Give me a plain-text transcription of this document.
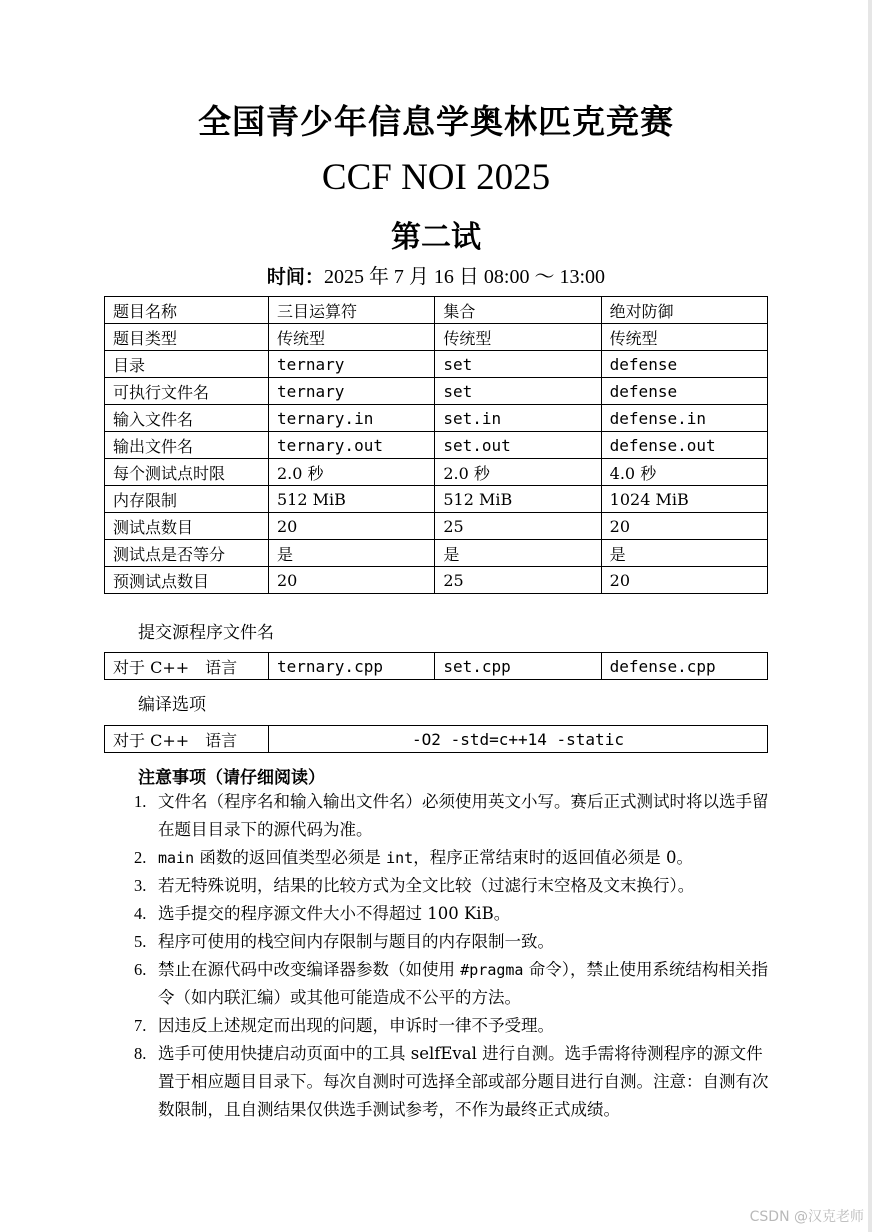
全国青少年信息学奥林匹克竞赛
CCF NOI 2025
第二试
时间：2025 年 7 月 16 日 08:00 ～ 13:00
题目名称	三目运算符	集合	绝对防御
题目类型	传统型	传统型	传统型
目录	ternary	set	defense
可执行文件名	ternary	set	defense
输入文件名	ternary.in	set.in	defense.in
输出文件名	ternary.out	set.out	defense.out
每个测试点时限	2.0 秒	2.0 秒	4.0 秒
内存限制	512 MiB	512 MiB	1024 MiB
测试点数目	20	25	20
测试点是否等分	是	是	是
预测试点数目	20	25	20
提交源程序文件名
对于 C++　语言	ternary.cpp	set.cpp	defense.cpp
编译选项
对于 C++　语言	-O2 -std=c++14 -static
注意事项（请仔细阅读）
1. 文件名（程序名和输入输出文件名）必须使用英文小写。赛后正式测试时将以选手留在题目目录下的源代码为准。
2. main 函数的返回值类型必须是 int，程序正常结束时的返回值必须是 0。
3. 若无特殊说明，结果的比较方式为全文比较（过滤行末空格及文末换行）。
4. 选手提交的程序源文件大小不得超过 100 KiB。
5. 程序可使用的栈空间内存限制与题目的内存限制一致。
6. 禁止在源代码中改变编译器参数（如使用 #pragma 命令），禁止使用系统结构相关指令（如内联汇编）或其他可能造成不公平的方法。
7. 因违反上述规定而出现的问题，申诉时一律不予受理。
8. 选手可使用快捷启动页面中的工具 selfEval 进行自测。选手需将待测程序的源文件置于相应题目目录下。每次自测时可选择全部或部分题目进行自测。注意：自测有次数限制，且自测结果仅供选手测试参考，不作为最终正式成绩。
CSDN @汉克老师
